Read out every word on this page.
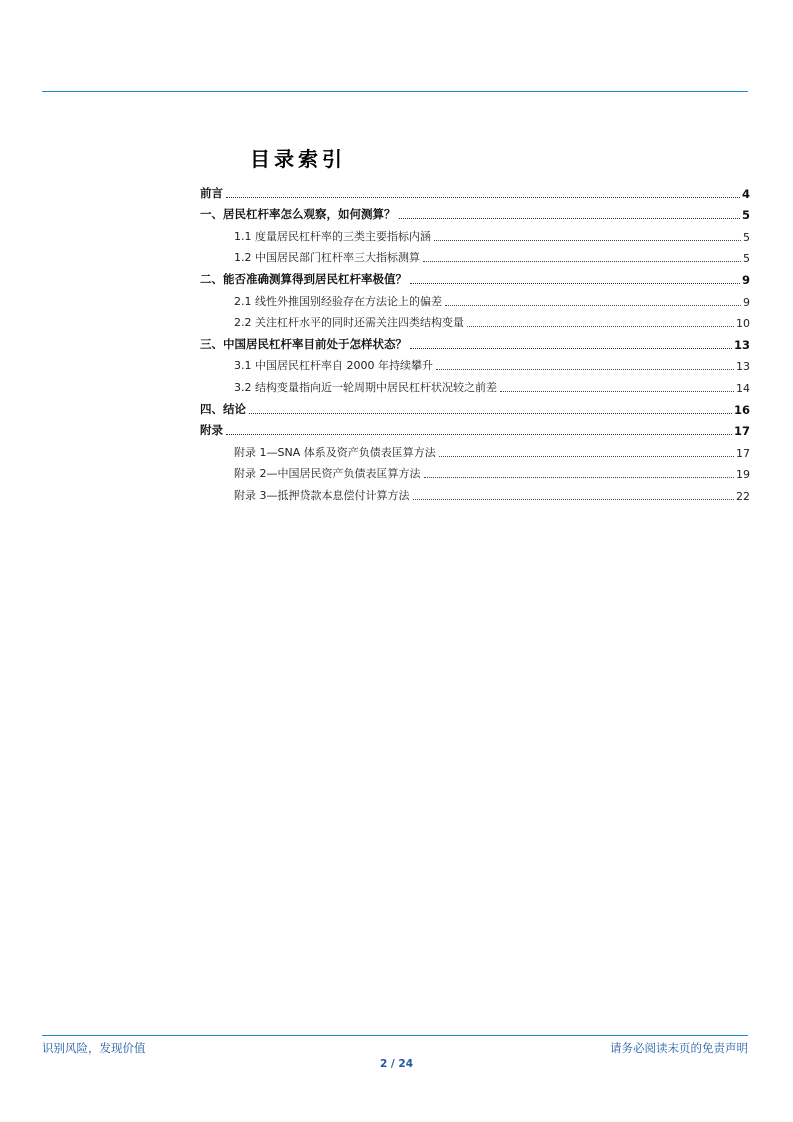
目录索引
前言	4
一、居民杠杆率怎么观察，如何测算？	5
1.1 度量居民杠杆率的三类主要指标内涵	5
1.2 中国居民部门杠杆率三大指标测算	5
二、能否准确测算得到居民杠杆率极值？	9
2.1 线性外推国别经验存在方法论上的偏差	9
2.2 关注杠杆水平的同时还需关注四类结构变量	10
三、中国居民杠杆率目前处于怎样状态？	13
3.1 中国居民杠杆率自 2000 年持续攀升	13
3.2 结构变量指向近一轮周期中居民杠杆状况较之前差	14
四、结论	16
附录	17
附录 1—SNA 体系及资产负债表匡算方法	17
附录 2—中国居民资产负债表匡算方法	19
附录 3—抵押贷款本息偿付计算方法	22
识别风险，发现价值	请务必阅读末页的免责声明
2 / 24
